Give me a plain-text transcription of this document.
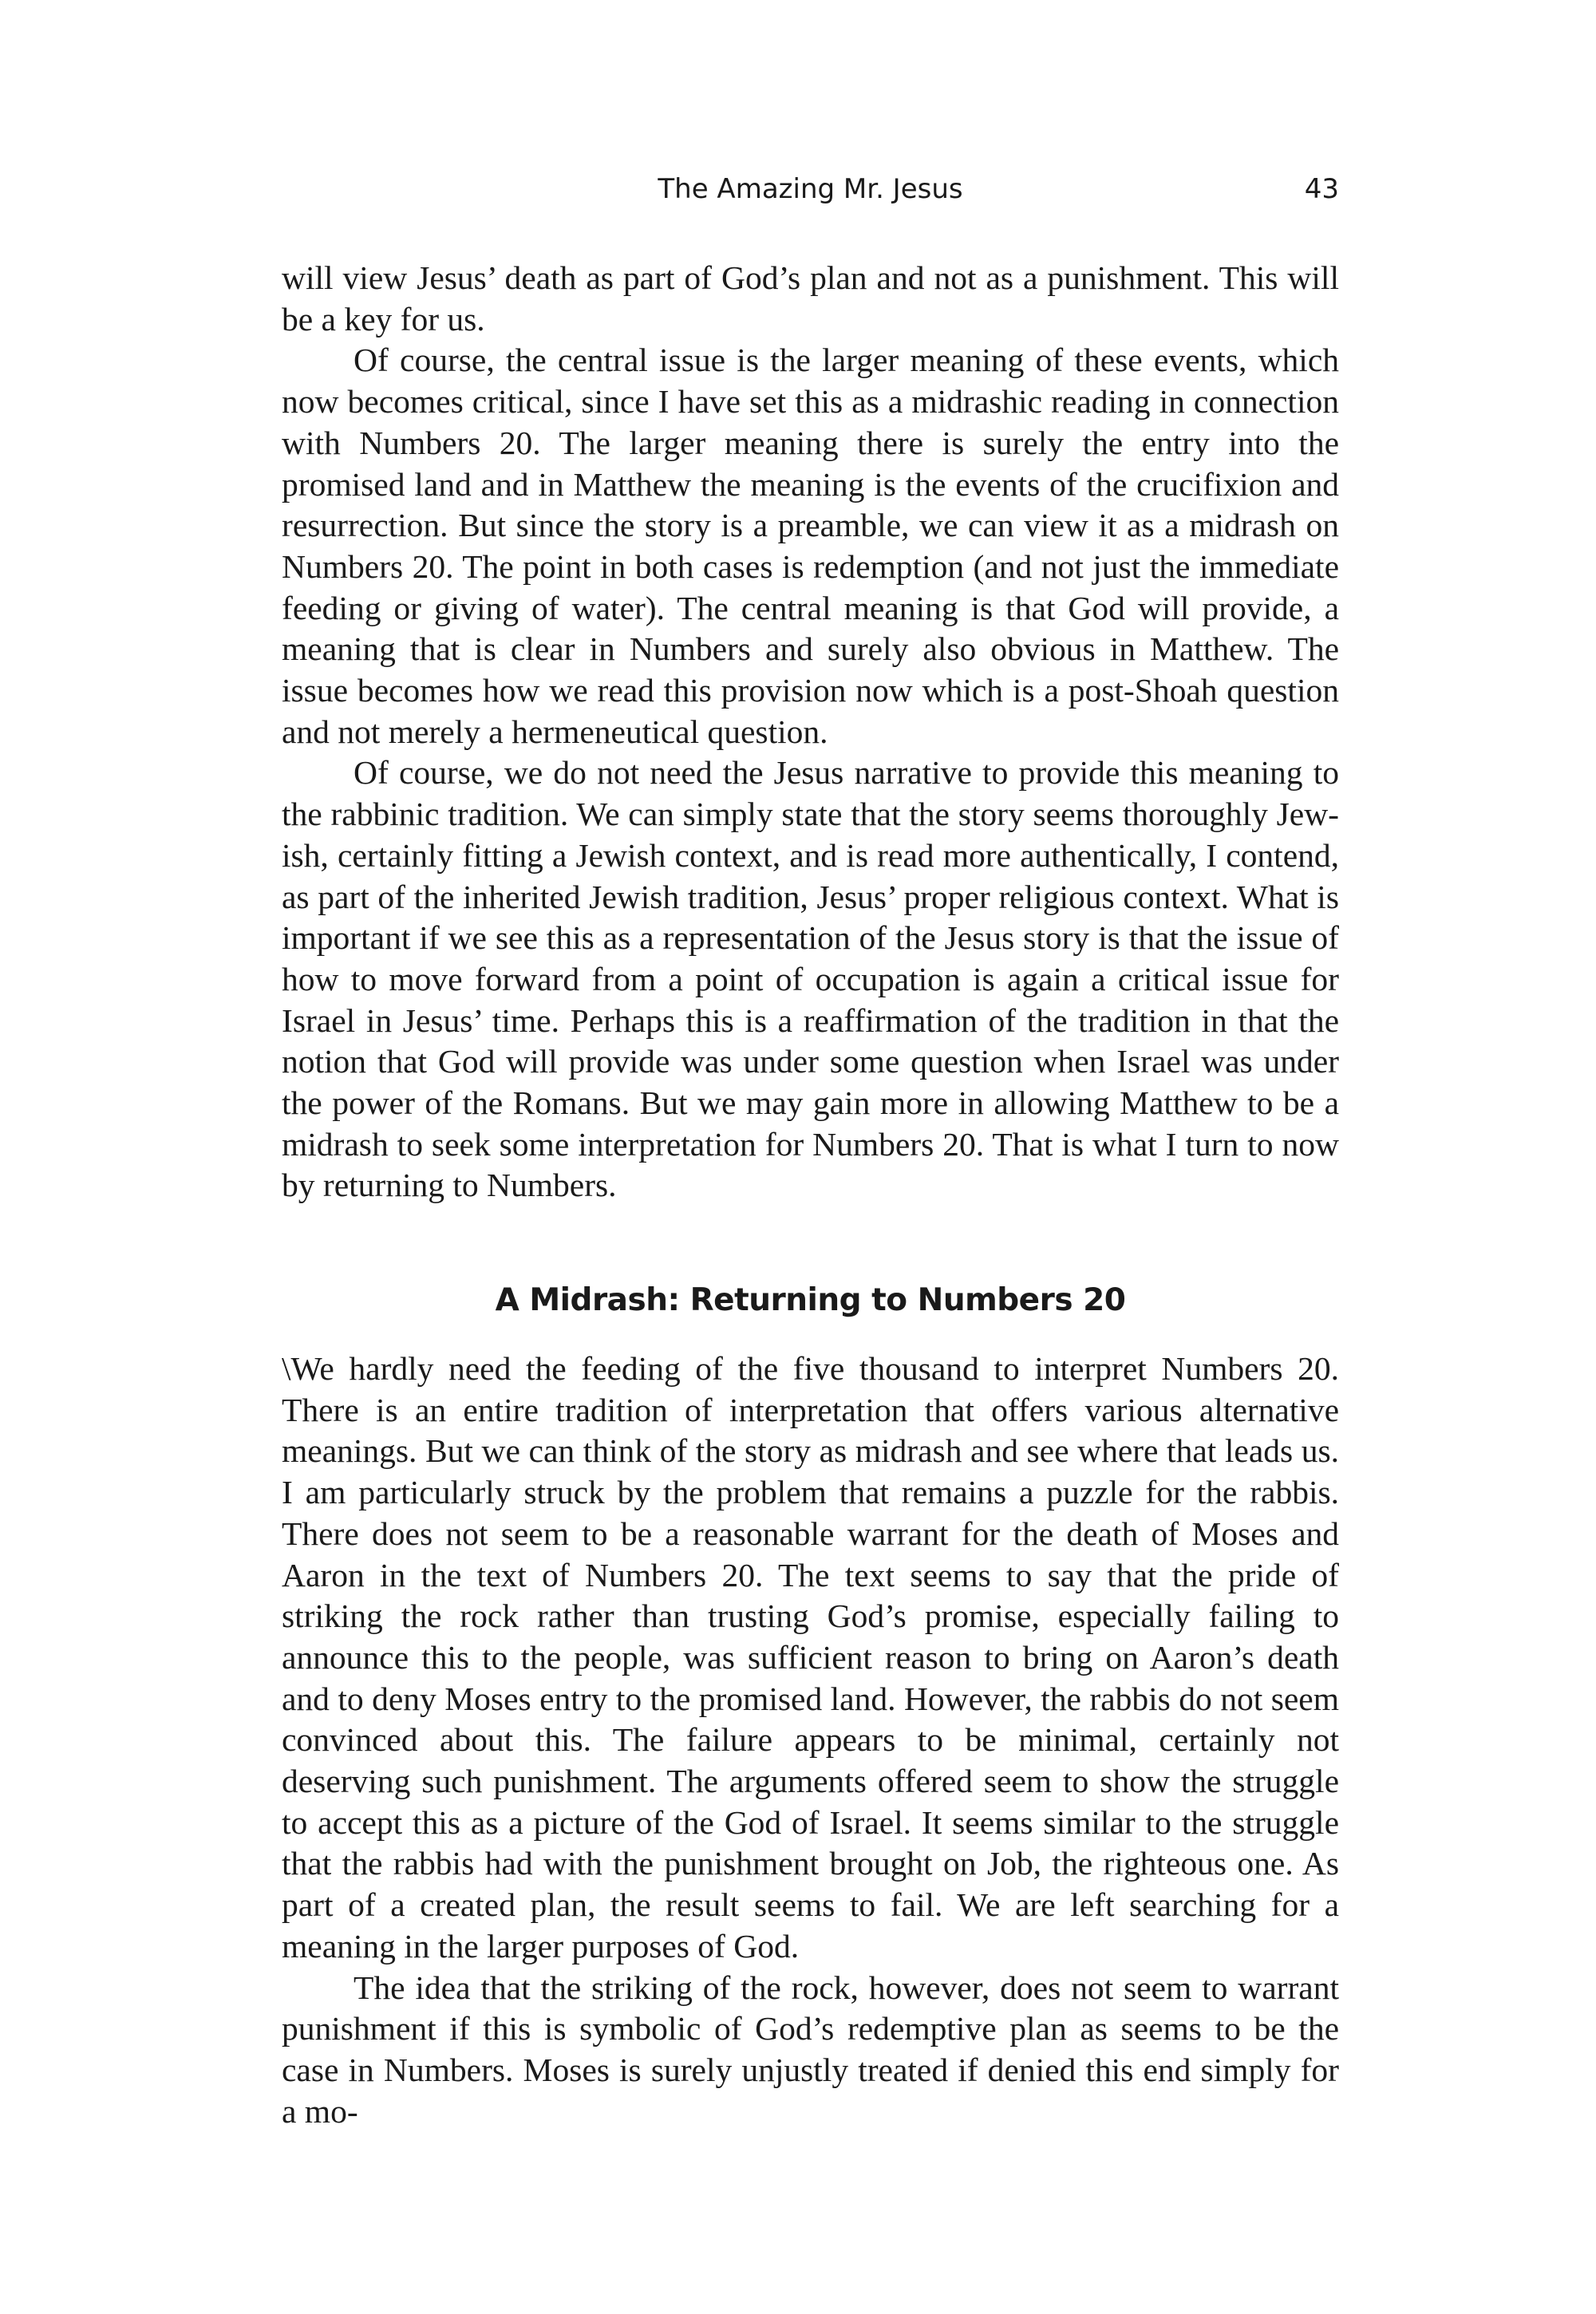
The Amazing Mr. Jesus	43

will view Jesus’ death as part of God’s plan and not as a punishment. This will be a key for us.

Of course, the central issue is the larger meaning of these events, which now becomes critical, since I have set this as a midrashic reading in connection with Numbers 20. The larger meaning there is surely the entry into the promised land and in Matthew the meaning is the events of the crucifixion and resurrection. But since the story is a preamble, we can view it as a midrash on Numbers 20. The point in both cases is redemption (and not just the immediate feeding or giving of water). The central meaning is that God will provide, a meaning that is clear in Numbers and surely also obvious in Matthew. The issue becomes how we read this provision now which is a post-Shoah question and not merely a hermeneutical question.

Of course, we do not need the Jesus narrative to provide this meaning to the rabbinic tradition. We can simply state that the story seems thoroughly Jewish, certainly fitting a Jewish context, and is read more authentically, I contend, as part of the inherited Jewish tradition, Jesus’ proper religious context. What is important if we see this as a representation of the Jesus story is that the issue of how to move forward from a point of occupation is again a critical issue for Israel in Jesus’ time. Perhaps this is a reaffirmation of the tradition in that the notion that God will provide was under some question when Israel was under the power of the Romans. But we may gain more in allowing Matthew to be a midrash to seek some interpretation for Numbers 20. That is what I turn to now by returning to Numbers.

A Midrash: Returning to Numbers 20

\We hardly need the feeding of the five thousand to interpret Numbers 20. There is an entire tradition of interpretation that offers various alternative meanings. But we can think of the story as midrash and see where that leads us. I am particularly struck by the problem that remains a puzzle for the rabbis. There does not seem to be a reasonable warrant for the death of Moses and Aaron in the text of Numbers 20. The text seems to say that the pride of striking the rock rather than trusting God’s promise, especially failing to announce this to the people, was sufficient reason to bring on Aaron’s death and to deny Moses entry to the promised land. However, the rabbis do not seem convinced about this. The failure appears to be minimal, certainly not deserving such punishment. The arguments offered seem to show the struggle to accept this as a picture of the God of Israel. It seems similar to the struggle that the rabbis had with the punishment brought on Job, the righteous one. As part of a created plan, the result seems to fail. We are left searching for a meaning in the larger purposes of God.

The idea that the striking of the rock, however, does not seem to warrant punishment if this is symbolic of God’s redemptive plan as seems to be the case in Numbers. Moses is surely unjustly treated if denied this end simply for a mo-
